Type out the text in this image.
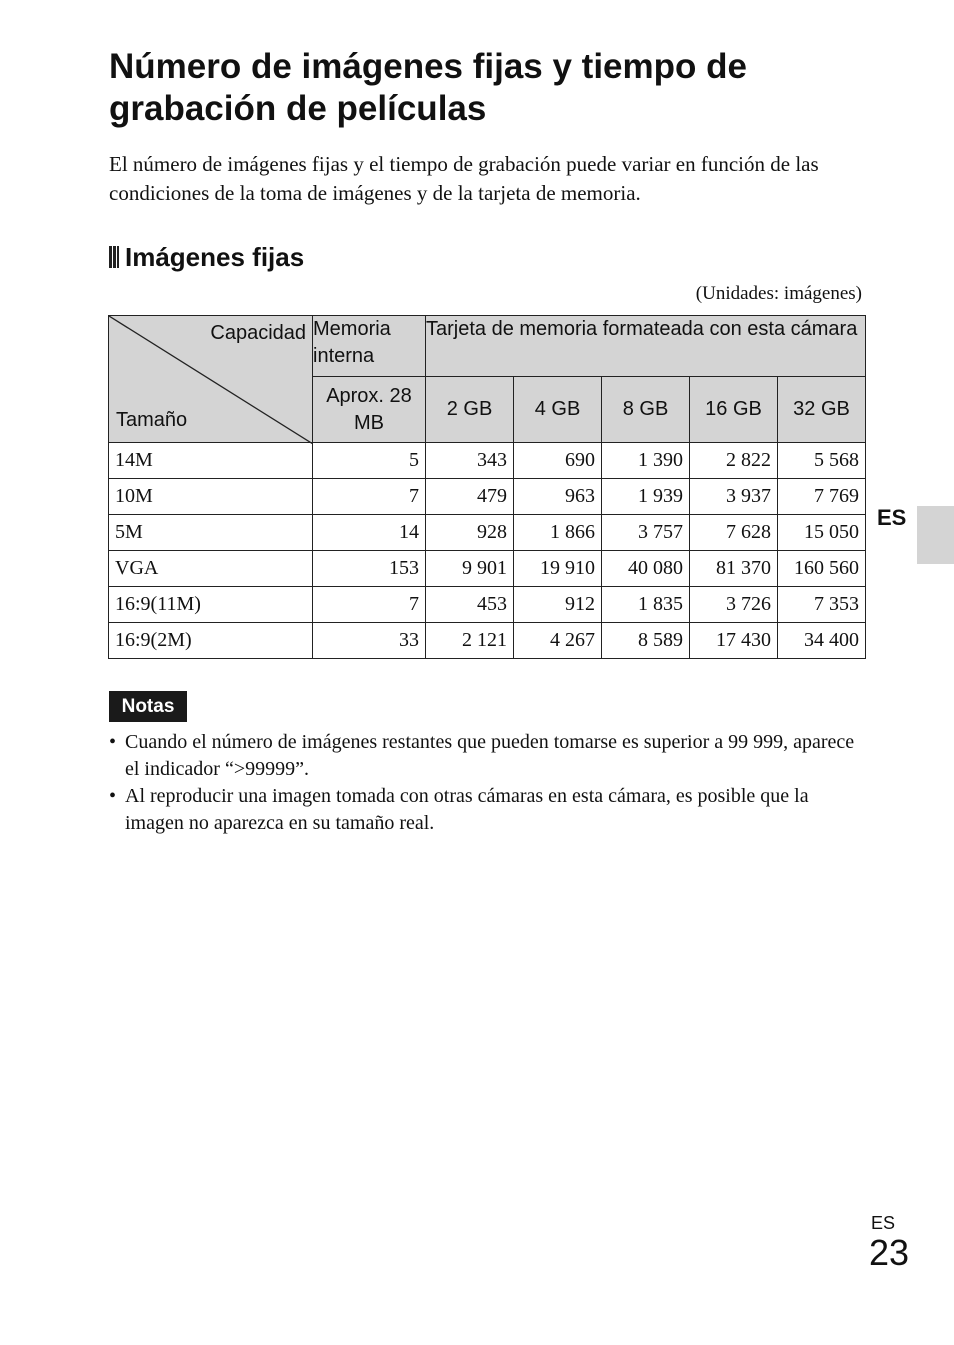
Número de imágenes fijas y tiempo de grabación de películas

El número de imágenes fijas y el tiempo de grabación puede variar en función de las condiciones de la toma de imágenes y de la tarjeta de memoria.

Imágenes fijas
(Unidades: imágenes)
Capacidad
Tamaño	Memoria interna	Tarjeta de memoria formateada con esta cámara				
	Aprox. 28 MB	2 GB	4 GB	8 GB	16 GB	32 GB
14M	5	343	690	1 390	2 822	5 568
10M	7	479	963	1 939	3 937	7 769
5M	14	928	1 866	3 757	7 628	15 050
VGA	153	9 901	19 910	40 080	81 370	160 560
16:9(11M)	7	453	912	1 835	3 726	7 353
16:9(2M)	33	2 121	4 267	8 589	17 430	34 400
Notas
• Cuando el número de imágenes restantes que pueden tomarse es superior a 99 999, aparece el indicador “>99999”.
• Al reproducir una imagen tomada con otras cámaras en esta cámara, es posible que la imagen no aparezca en su tamaño real.
ES
ES
23
